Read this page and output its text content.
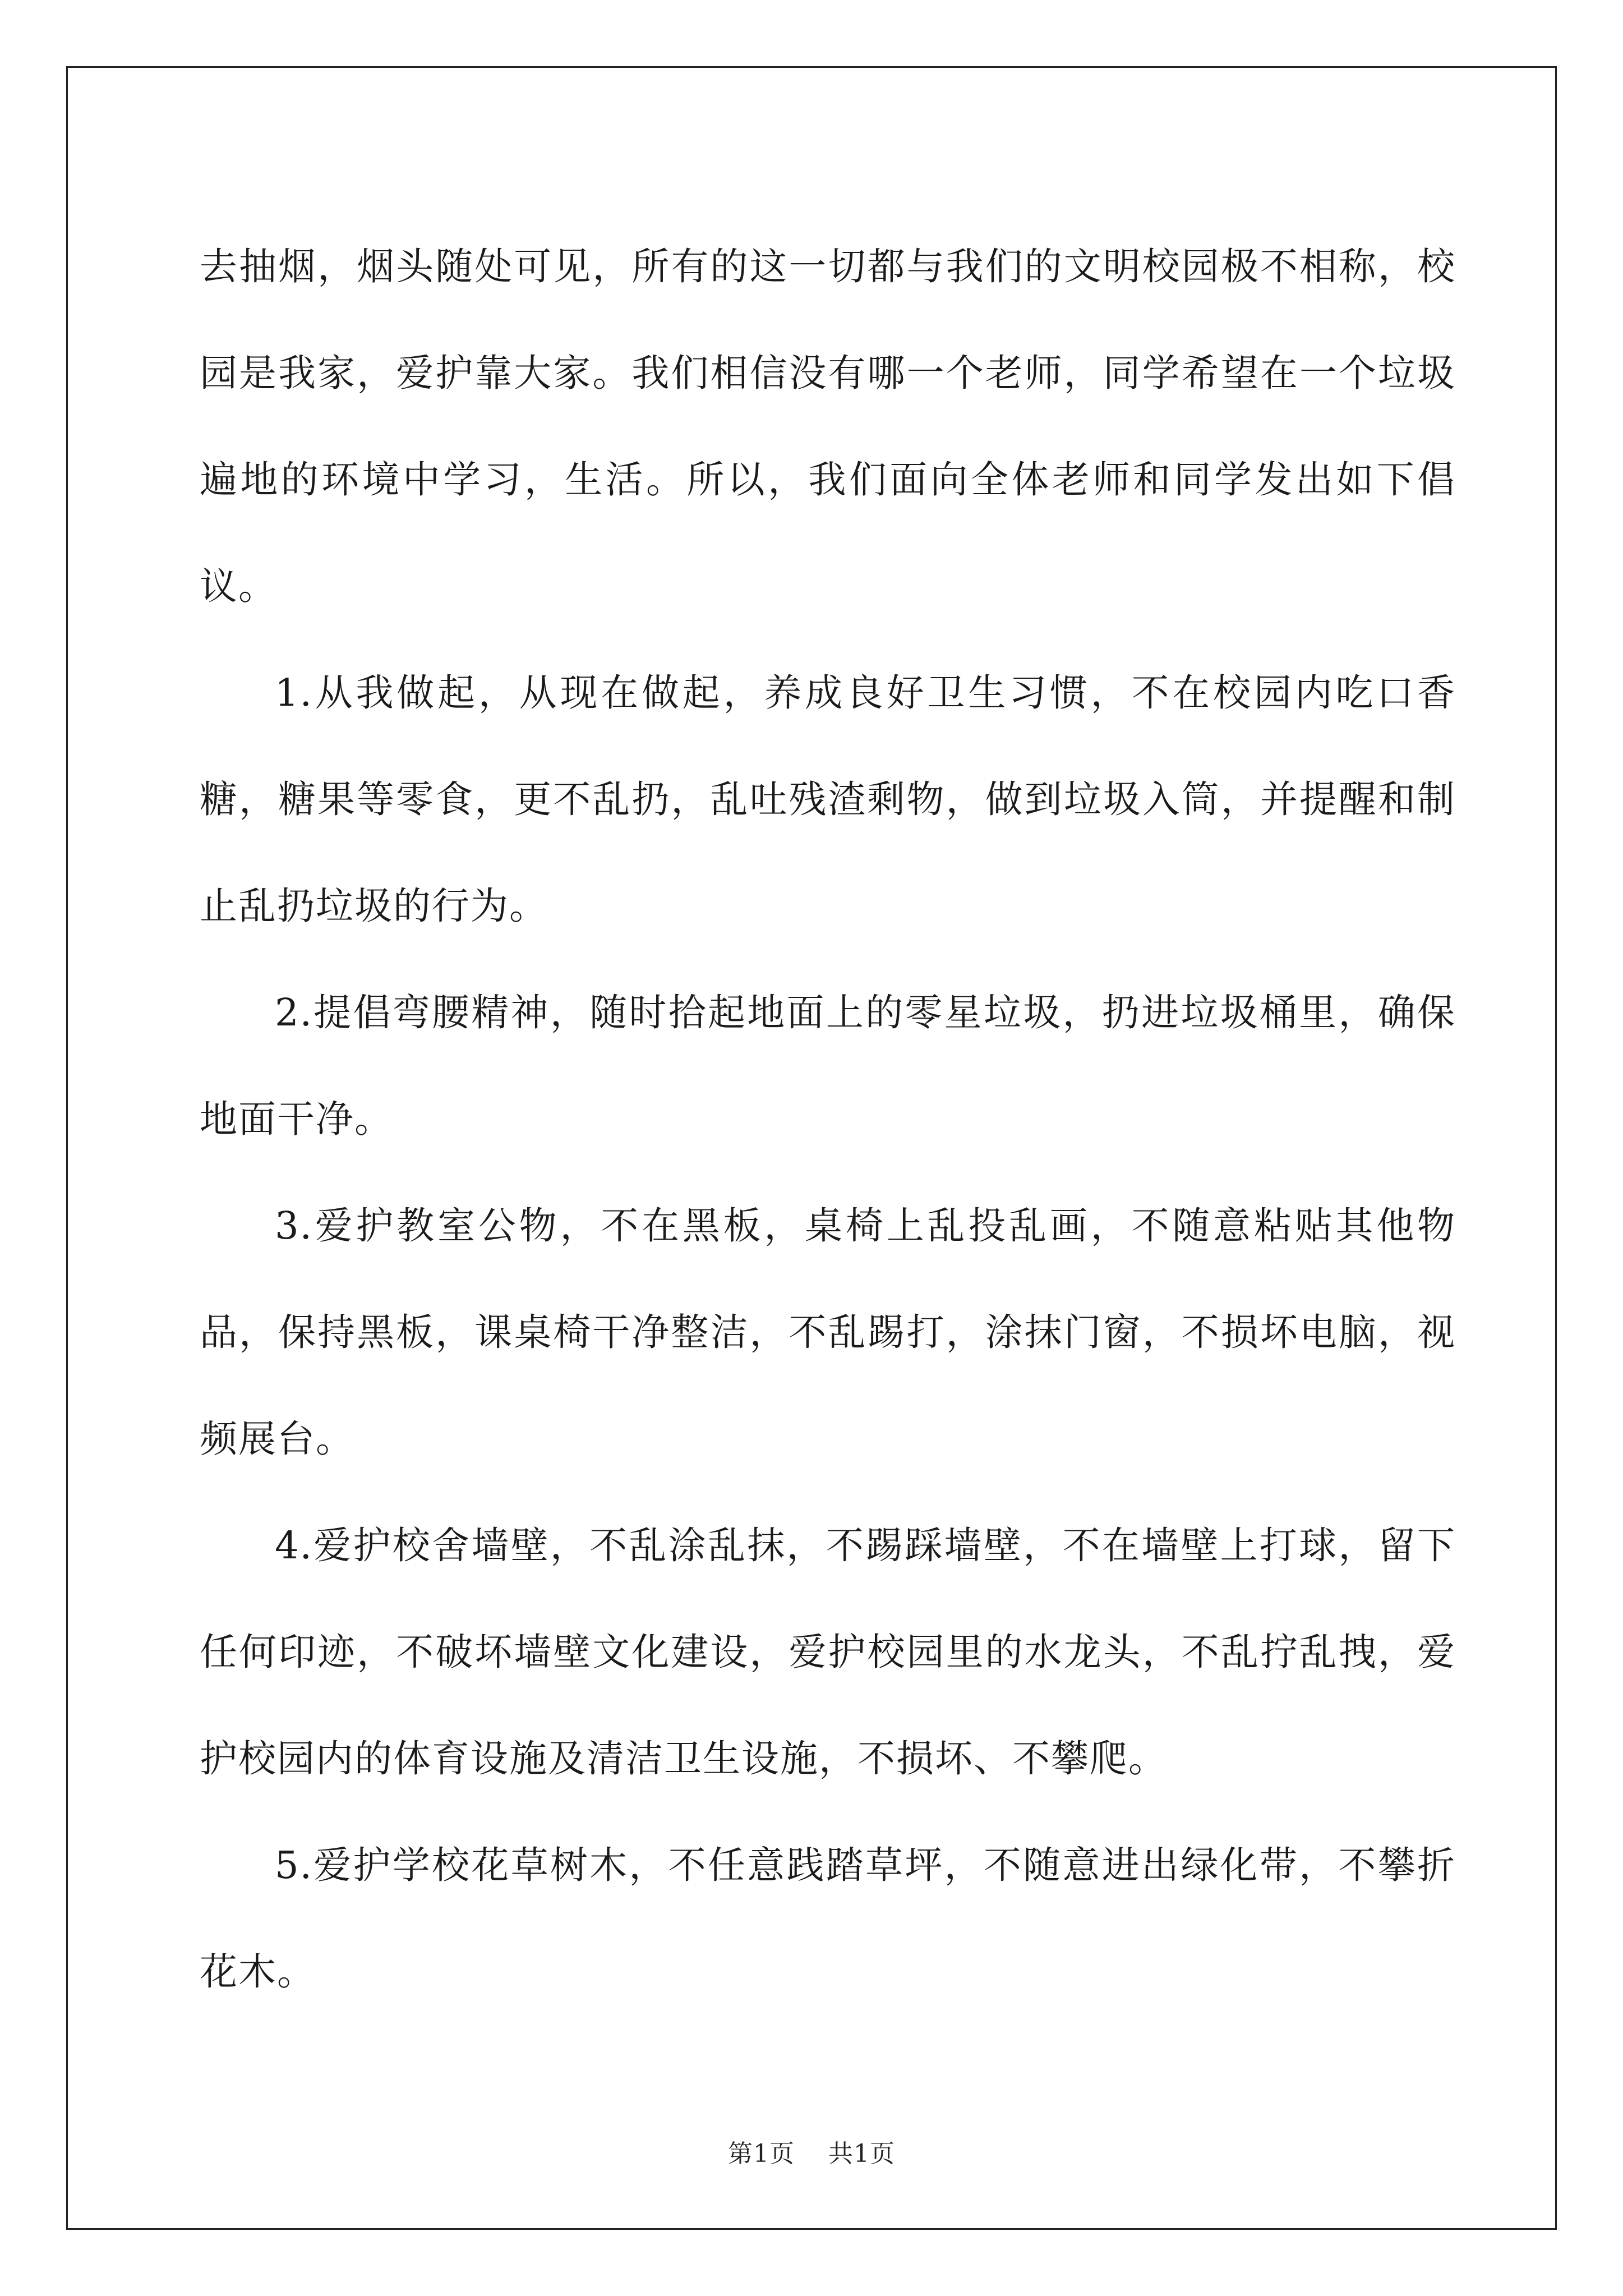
去抽烟，烟头随处可见，所有的这一切都与我们的文明校园极不相称，校园是我家，爱护靠大家。我们相信没有哪一个老师，同学希望在一个垃圾遍地的环境中学习，生活。所以，我们面向全体老师和同学发出如下倡议。

1.从我做起，从现在做起，养成良好卫生习惯，不在校园内吃口香糖，糖果等零食，更不乱扔，乱吐残渣剩物，做到垃圾入筒，并提醒和制止乱扔垃圾的行为。

2.提倡弯腰精神，随时拾起地面上的零星垃圾，扔进垃圾桶里，确保地面干净。

3.爱护教室公物，不在黑板，桌椅上乱投乱画，不随意粘贴其他物品，保持黑板，课桌椅干净整洁，不乱踢打，涂抹门窗，不损坏电脑，视频展台。

4.爱护校舍墙壁，不乱涂乱抹，不踢踩墙壁，不在墙壁上打球，留下任何印迹，不破坏墙壁文化建设，爱护校园里的水龙头，不乱拧乱拽，爱护校园内的体育设施及清洁卫生设施，不损坏、不攀爬。

5.爱护学校花草树木，不任意践踏草坪，不随意进出绿化带，不攀折花木。

第1页 共1页
